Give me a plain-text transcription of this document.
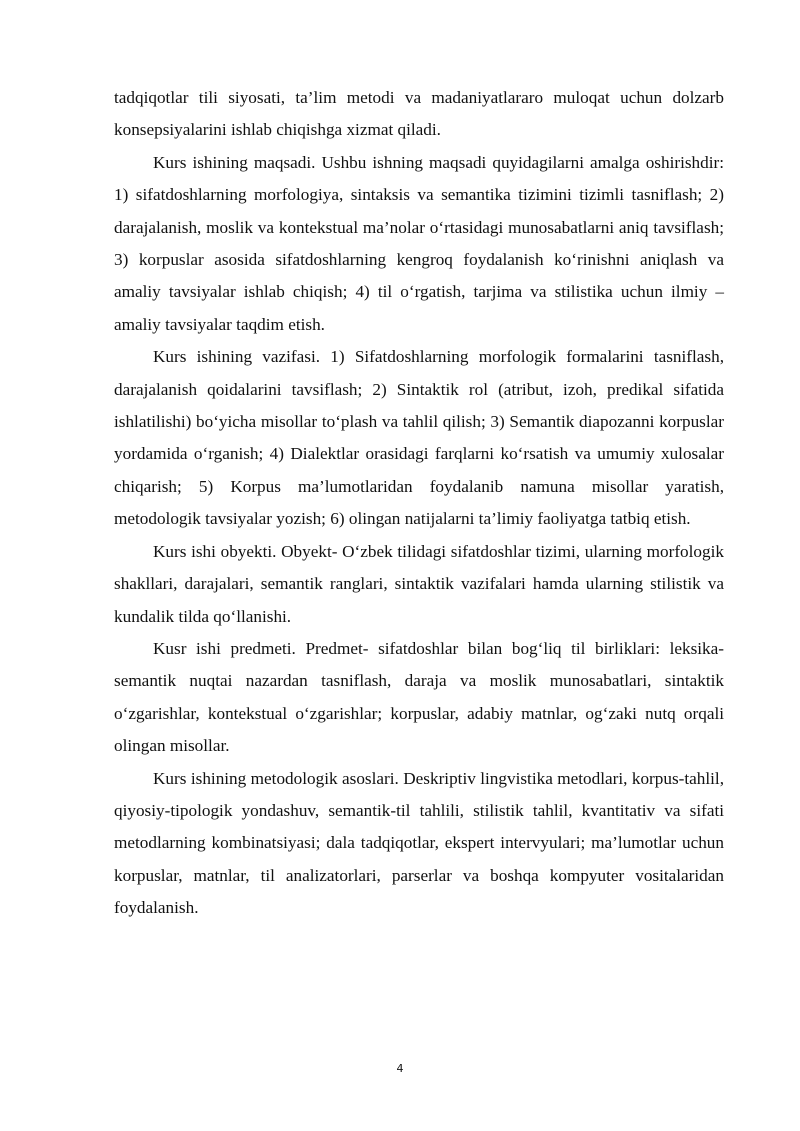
tadqiqotlar tili siyosati, ta’lim metodi va madaniyatlararo muloqat uchun dolzarb konsepsiyalarini ishlab chiqishga xizmat qiladi.

Kurs ishining maqsadi. Ushbu ishning maqsadi quyidagilarni amalga oshirishdir: 1) sifatdoshlarning morfologiya, sintaksis va semantika tizimini tizimli tasniflash; 2) darajalanish, moslik va kontekstual ma’nolar o‘rtasidagi munosabatlarni aniq tavsiflash; 3) korpuslar asosida sifatdoshlarning kengroq foydalanish ko‘rinishni aniqlash va amaliy tavsiyalar ishlab chiqish; 4) til o‘rgatish, tarjima va stilistika uchun ilmiy – amaliy tavsiyalar taqdim etish.

Kurs ishining vazifasi. 1) Sifatdoshlarning morfologik formalarini tasniflash, darajalanish qoidalarini tavsiflash; 2) Sintaktik rol (atribut, izoh, predikal sifatida ishlatilishi) bo‘yicha misollar to‘plash va tahlil qilish; 3) Semantik diapozanni korpuslar yordamida o‘rganish; 4) Dialektlar orasidagi farqlarni ko‘rsatish va umumiy xulosalar chiqarish; 5) Korpus ma’lumotlaridan foydalanib namuna misollar yaratish, metodologik tavsiyalar yozish; 6) olingan natijalarni ta’limiy faoliyatga tatbiq etish.

Kurs ishi obyekti. Obyekt- O‘zbek tilidagi sifatdoshlar tizimi, ularning morfologik shakllari, darajalari, semantik ranglari, sintaktik vazifalari hamda ularning stilistik va kundalik tilda qo‘llanishi.

Kusr ishi predmeti. Predmet- sifatdoshlar bilan bog‘liq til birliklari: leksika-semantik nuqtai nazardan tasniflash, daraja va moslik munosabatlari, sintaktik o‘zgarishlar, kontekstual o‘zgarishlar; korpuslar, adabiy matnlar, og‘zaki nutq orqali olingan misollar.

Kurs ishining metodologik asoslari. Deskriptiv lingvistika metodlari, korpus-tahlil, qiyosiy-tipologik yondashuv, semantik-til tahlili, stilistik tahlil, kvantitativ va sifati metodlarning kombinatsiyasi; dala tadqiqotlar, ekspert intervyulari; ma’lumotlar uchun korpuslar, matnlar, til analizatorlari, parserlar va boshqa kompyuter vositalaridan foydalanish.

4
